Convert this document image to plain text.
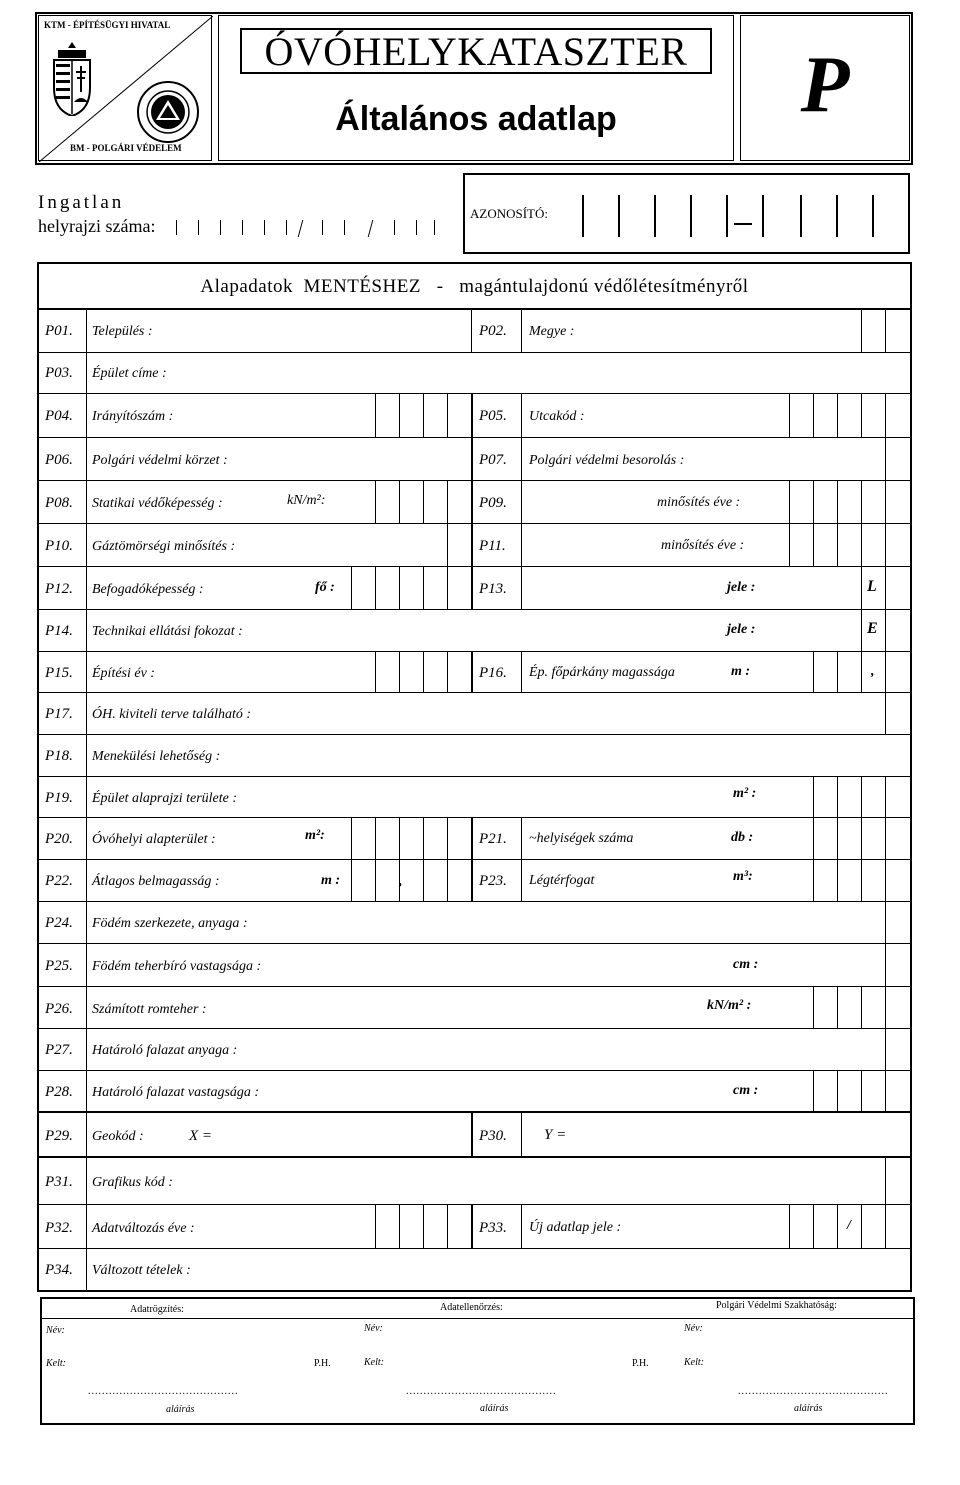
KTM - ÉPÍTÉSÜGYI HIVATAL
BM - POLGÁRI VÉDELEM
ÓVÓHELYKATASZTER
Általános adatlap	P
Ingatlan
helyrajzi száma:
AZONOSÍTÓ:
Alapadatok MENTÉSHEZ - magántulajdonú védőlétesítményről
P01. Település :	P02. Megye :
P03. Épület címe :
P04. Irányítószám :	P05. Utcakód :
P06. Polgári védelmi körzet :	P07. Polgári védelmi besorolás :
P08. Statikai védőképesség :	kN/m²:	P09.	minősítés éve :
P10. Gáztömörségi minősítés :	P11.	minősítés éve :
P12. Befogadóképesség :	fő :	P13.	jele :	L
P14. Technikai ellátási fokozat :	jele :	E
P15. Építési év :	P16. Ép. főpárkány magassága	m :	,
P17. ÓH. kiviteli terve található :
P18. Menekülési lehetőség :
P19. Épület alaprajzi területe :	m² :
P20. Óvóhelyi alapterület :	m²:	P21. ~helyiségek száma	db :
P22. Átlagos belmagasság :	m :	,	P23. Légtérfogat	m³:
P24. Födém szerkezete, anyaga :
P25. Födém teherbíró vastagsága :	cm :
P26. Számított romteher :	kN/m² :
P27. Határoló falazat anyaga :
P28. Határoló falazat vastagsága :	cm :
P29. Geokód :	X =	P30. Y =
P31. Grafikus kód :
P32. Adatváltozás éve :	P33. Új adatlap jele :	/
P34. Változott tételek :
Adatrögzítés:	Adatellenőrzés:	Polgári Védelmi Szakhatóság:
Név:	Név:	Név:
Kelt:	P.H.	Kelt:	P.H.	Kelt:
...........................................	...........................................	...........................................
aláírás	aláírás	aláírás
